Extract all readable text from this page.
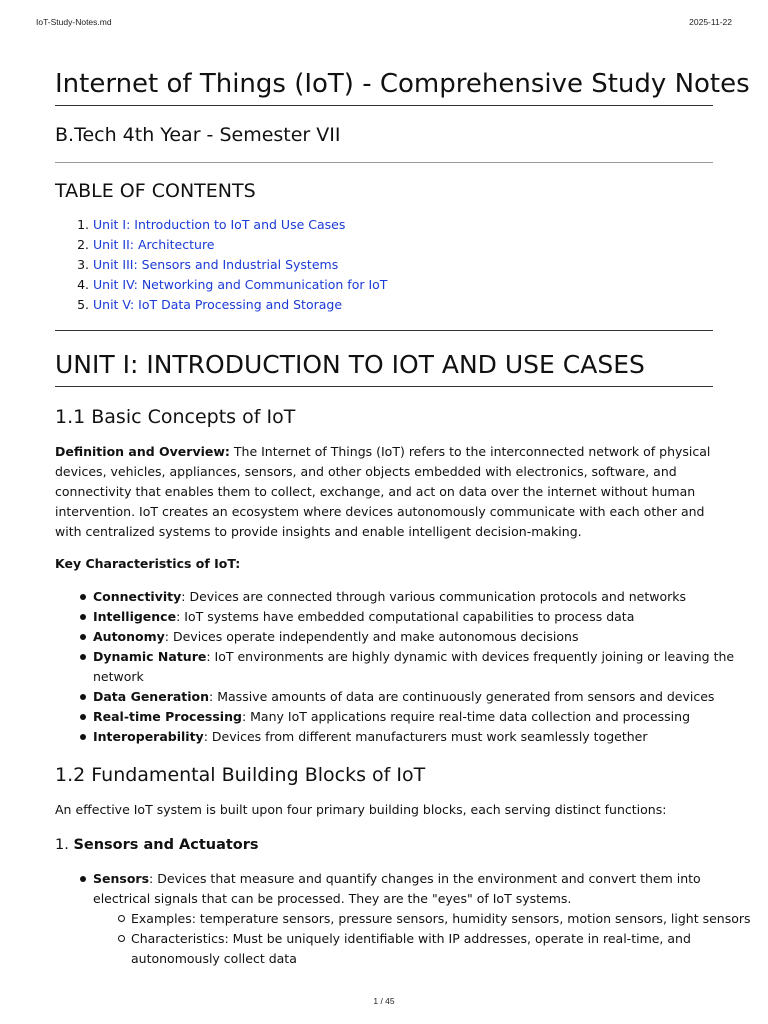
IoT-Study-Notes.md	2025-11-22
Internet of Things (IoT) - Comprehensive Study Notes
B.Tech 4th Year - Semester VII
TABLE OF CONTENTS
1. Unit I: Introduction to IoT and Use Cases
2. Unit II: Architecture
3. Unit III: Sensors and Industrial Systems
4. Unit IV: Networking and Communication for IoT
5. Unit V: IoT Data Processing and Storage
UNIT I: INTRODUCTION TO IOT AND USE CASES
1.1 Basic Concepts of IoT

Definition and Overview: The Internet of Things (IoT) refers to the interconnected network of physical devices, vehicles, appliances, sensors, and other objects embedded with electronics, software, and connectivity that enables them to collect, exchange, and act on data over the internet without human intervention. IoT creates an ecosystem where devices autonomously communicate with each other and with centralized systems to provide insights and enable intelligent decision-making.

Key Characteristics of IoT:

Connectivity: Devices are connected through various communication protocols and networks
Intelligence: IoT systems have embedded computational capabilities to process data
Autonomy: Devices operate independently and make autonomous decisions
Dynamic Nature: IoT environments are highly dynamic with devices frequently joining or leaving the network
Data Generation: Massive amounts of data are continuously generated from sensors and devices
Real-time Processing: Many IoT applications require real-time data collection and processing
Interoperability: Devices from different manufacturers must work seamlessly together
1.2 Fundamental Building Blocks of IoT

An effective IoT system is built upon four primary building blocks, each serving distinct functions:

1. Sensors and Actuators
Sensors: Devices that measure and quantify changes in the environment and convert them into electrical signals that can be processed. They are the "eyes" of IoT systems.
Examples: temperature sensors, pressure sensors, humidity sensors, motion sensors, light sensors
Characteristics: Must be uniquely identifiable with IP addresses, operate in real-time, and autonomously collect data
1 / 45
